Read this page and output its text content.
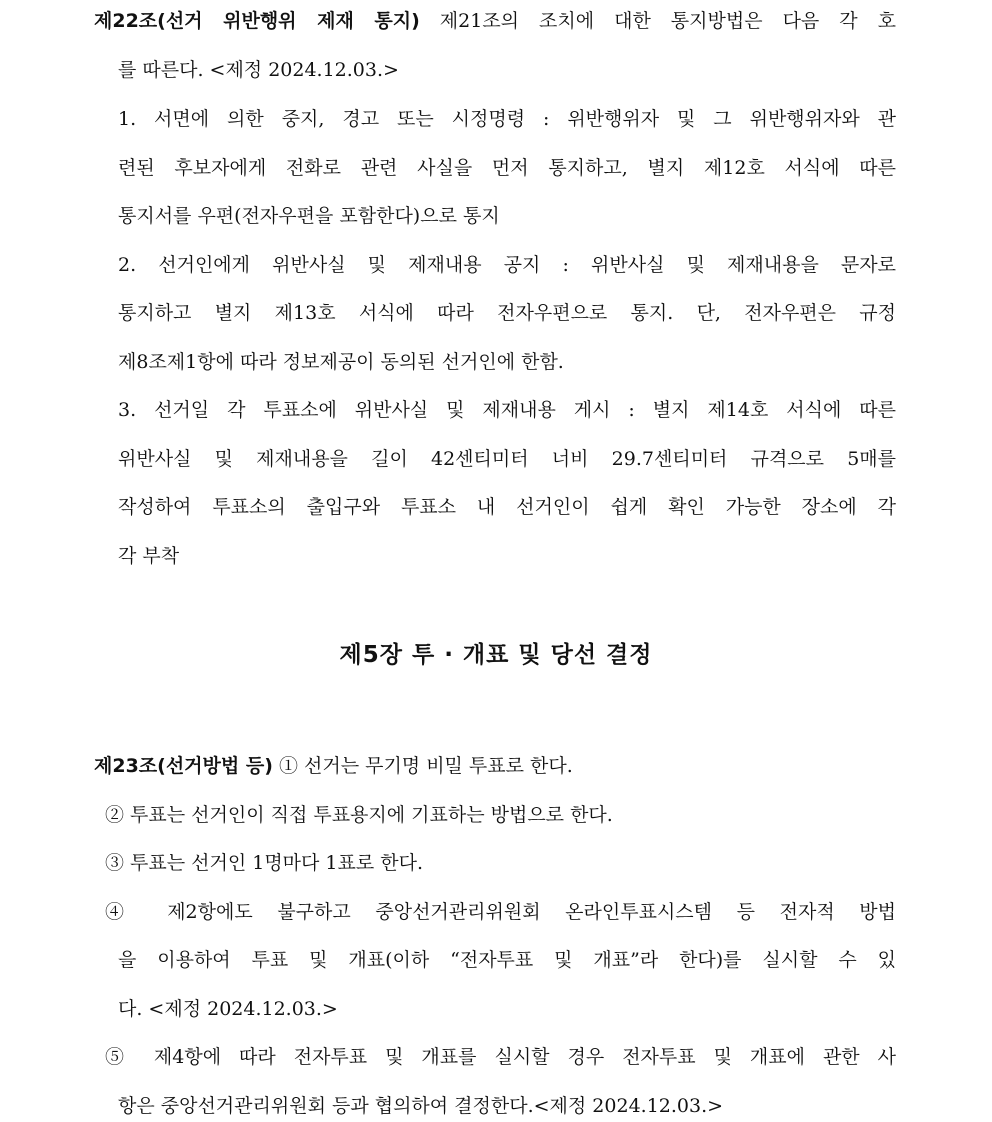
제22조(선거 위반행위 제재 통지) 제21조의 조치에 대한 통지방법은 다음 각 호
를 따른다. <제정 2024.12.03.>
1. 서면에 의한 중지, 경고 또는 시정명령 : 위반행위자 및 그 위반행위자와 관
련된 후보자에게 전화로 관련 사실을 먼저 통지하고, 별지 제12호 서식에 따른
통지서를 우편(전자우편을 포함한다)으로 통지
2. 선거인에게 위반사실 및 제재내용 공지 : 위반사실 및 제재내용을 문자로
통지하고 별지 제13호 서식에 따라 전자우편으로 통지. 단, 전자우편은 규정
제8조제1항에 따라 정보제공이 동의된 선거인에 한함.
3. 선거일 각 투표소에 위반사실 및 제재내용 게시 : 별지 제14호 서식에 따른
위반사실 및 제재내용을 길이 42센티미터 너비 29.7센티미터 규격으로 5매를
작성하여 투표소의 출입구와 투표소 내 선거인이 쉽게 확인 가능한 장소에 각
각 부착
제5장 투 · 개표 및 당선 결정
제23조(선거방법 등) ① 선거는 무기명 비밀 투표로 한다.
② 투표는 선거인이 직접 투표용지에 기표하는 방법으로 한다.
③ 투표는 선거인 1명마다 1표로 한다.
④ 제2항에도 불구하고 중앙선거관리위원회 온라인투표시스템 등 전자적 방법
을 이용하여 투표 및 개표(이하 “전자투표 및 개표”라 한다)를 실시할 수 있
다. <제정 2024.12.03.>
⑤ 제4항에 따라 전자투표 및 개표를 실시할 경우 전자투표 및 개표에 관한 사
항은 중앙선거관리위원회 등과 협의하여 결정한다.<제정 2024.12.03.>
